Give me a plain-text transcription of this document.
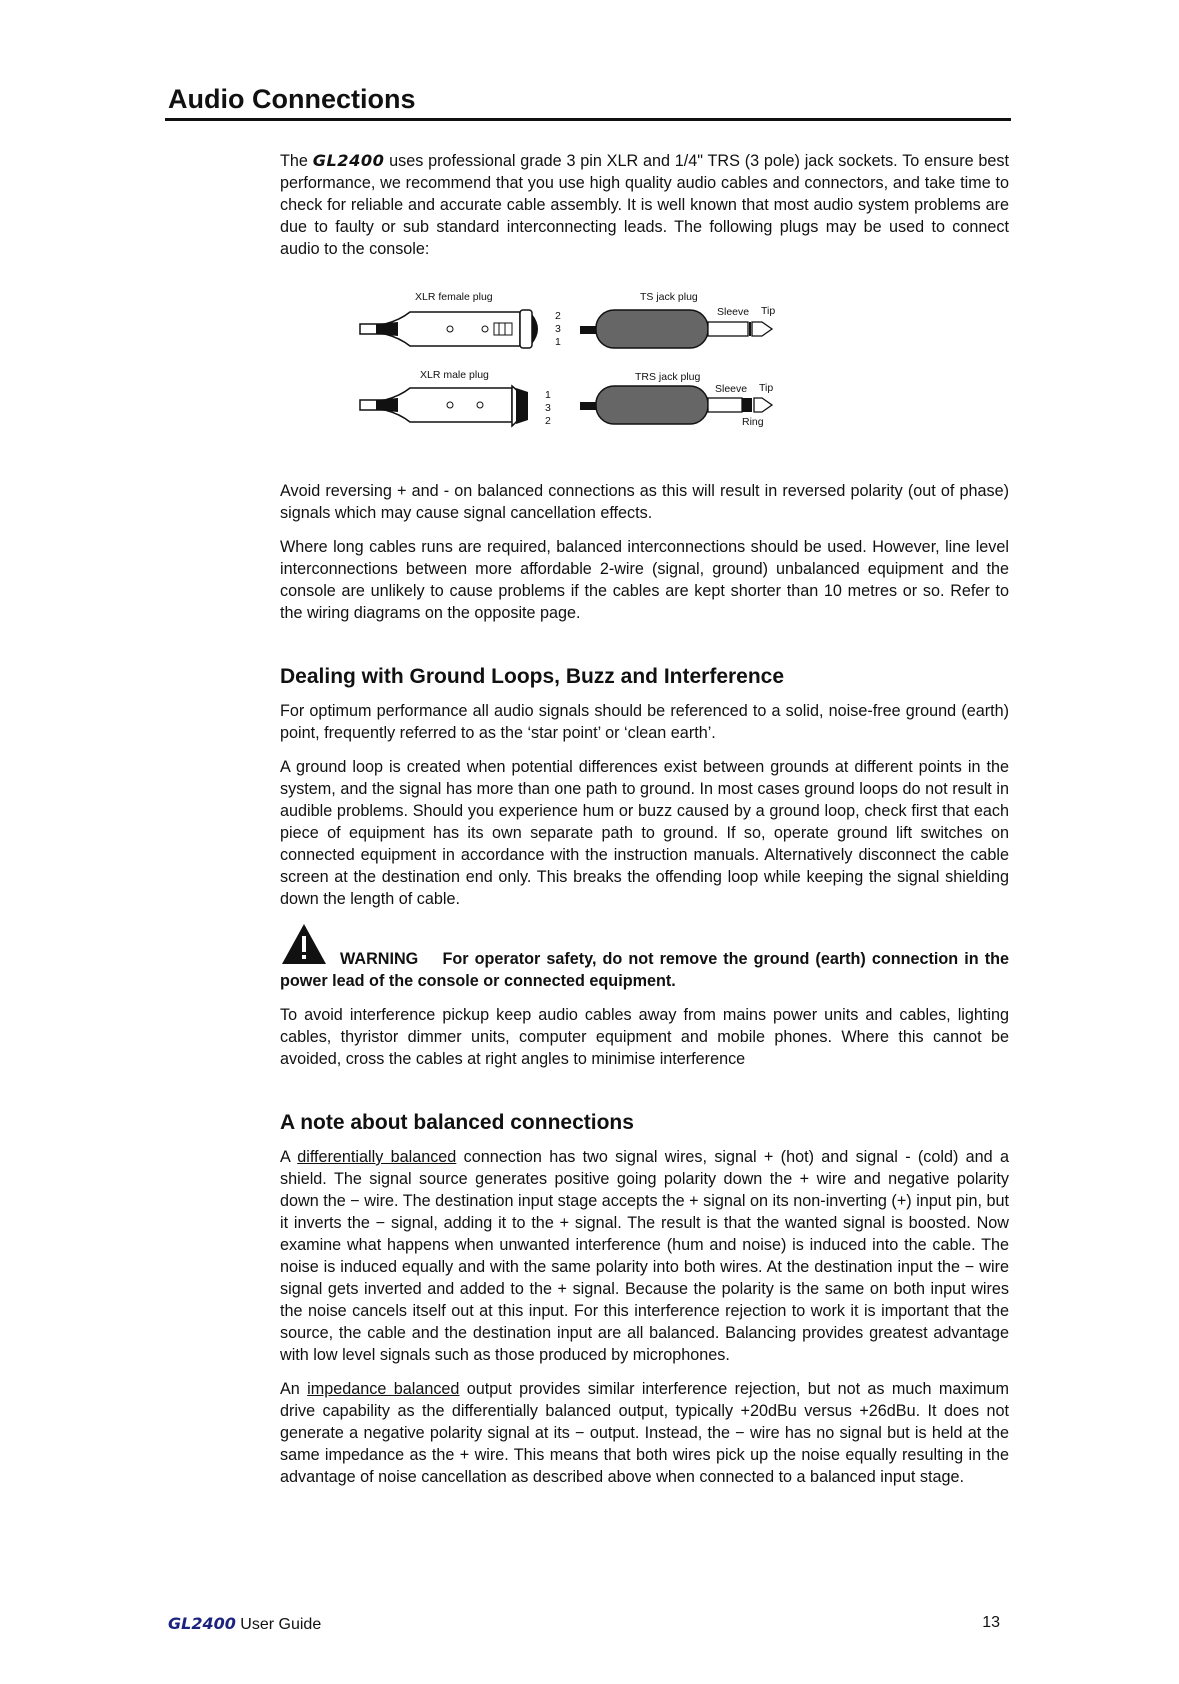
Audio Connections

The GL2400 uses professional grade 3 pin XLR and 1/4" TRS (3 pole) jack sockets. To ensure best performance, we recommend that you use high quality audio cables and connectors, and take time to check for reliable and accurate cable assembly. It is well known that most audio system problems are due to faulty or sub standard interconnecting leads. The following plugs may be used to connect audio to the console:

XLR female plug
2
3
1
TS jack plug
Sleeve Tip
XLR male plug
1
3
2
TRS jack plug
Sleeve Tip
Ring

Avoid reversing + and - on balanced connections as this will result in reversed polarity (out of phase) signals which may cause signal cancellation effects.

Where long cables runs are required, balanced interconnections should be used. However, line level interconnections between more affordable 2-wire (signal, ground) unbalanced equipment and the console are unlikely to cause problems if the cables are kept shorter than 10 metres or so. Refer to the wiring diagrams on the opposite page.

Dealing with Ground Loops, Buzz and Interference

For optimum performance all audio signals should be referenced to a solid, noise-free ground (earth) point, frequently referred to as the ‘star point’ or ‘clean earth’.

A ground loop is created when potential differences exist between grounds at different points in the system, and the signal has more than one path to ground. In most cases ground loops do not result in audible problems. Should you experience hum or buzz caused by a ground loop, check first that each piece of equipment has its own separate path to ground. If so, operate ground lift switches on connected equipment in accordance with the instruction manuals. Alternatively disconnect the cable screen at the destination end only. This breaks the offending loop while keeping the signal shielding down the length of cable.

WARNING For operator safety, do not remove the ground (earth) connection in the power lead of the console or connected equipment.

To avoid interference pickup keep audio cables away from mains power units and cables, lighting cables, thyristor dimmer units, computer equipment and mobile phones. Where this cannot be avoided, cross the cables at right angles to minimise interference

A note about balanced connections

A differentially balanced connection has two signal wires, signal + (hot) and signal - (cold) and a shield. The signal source generates positive going polarity down the + wire and negative polarity down the − wire. The destination input stage accepts the + signal on its non-inverting (+) input pin, but it inverts the − signal, adding it to the + signal. The result is that the wanted signal is boosted. Now examine what happens when unwanted interference (hum and noise) is induced into the cable. The noise is induced equally and with the same polarity into both wires. At the destination input the − wire signal gets inverted and added to the + signal. Because the polarity is the same on both input wires the noise cancels itself out at this input. For this interference rejection to work it is important that the source, the cable and the destination input are all balanced. Balancing provides greatest advantage with low level signals such as those produced by microphones.

An impedance balanced output provides similar interference rejection, but not as much maximum drive capability as the differentially balanced output, typically +20dBu versus +26dBu. It does not generate a negative polarity signal at its − output. Instead, the − wire has no signal but is held at the same impedance as the + wire. This means that both wires pick up the noise equally resulting in the advantage of noise cancellation as described above when connected to a balanced input stage.

GL2400 User Guide	13
